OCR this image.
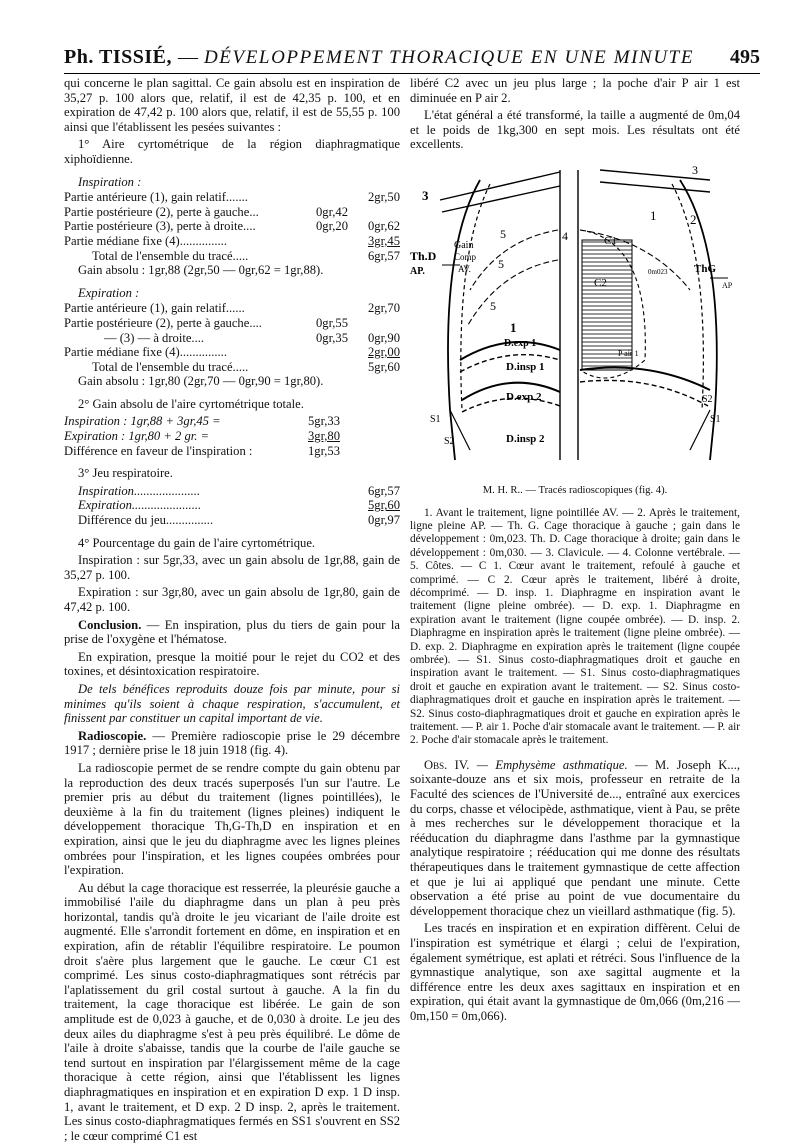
Ph. TISSIÉ, — DÉVELOPPEMENT THORACIQUE EN UNE MINUTE	495

qui concerne le plan sagittal. Ce gain absolu est en inspiration de 35,27 p. 100 alors que, relatif, il est de 42,35 p. 100, et en expiration de 47,42 p. 100 alors que, relatif, il est de 55,55 p. 100 ainsi que l'établissent les pesées suivantes :

1° Aire cyrtométrique de la région diaphragmatique xiphoïdienne.

Inspiration :
Partie antérieure (1), gain relatif.......	2gr,50
Partie postérieure (2), perte à gauche...	0gr,42
Partie postérieure (3), perte à droite....	0gr,20	0gr,62
Partie médiane fixe (4)...............	3gr,45
Total de l'ensemble du tracé.....	6gr,57
Gain absolu : 1gr,88 (2gr,50 — 0gr,62 = 1gr,88).
Expiration :
Partie antérieure (1), gain relatif......	2gr,70
Partie postérieure (2), perte à gauche....	0gr,55
— (3) — à droite....	0gr,35	0gr,90
Partie médiane fixe (4)...............	2gr,00
Total de l'ensemble du tracé.....	5gr,60
Gain absolu : 1gr,80 (2gr,70 — 0gr,90 = 1gr,80).

2° Gain absolu de l'aire cyrtométrique totale.

Inspiration : 1gr,88 + 3gr,45 =	5gr,33
Expiration : 1gr,80 + 2 gr. =	3gr,80
Différence en faveur de l'inspiration :	1gr,53

3° Jeu respiratoire.

Inspiration.....................	6gr,57
Expiration......................	5gr,60
Différence du jeu...............	0gr,97

4° Pourcentage du gain de l'aire cyrtométrique.

Inspiration : sur 5gr,33, avec un gain absolu de 1gr,88, gain de 35,27 p. 100.

Expiration : sur 3gr,80, avec un gain absolu de 1gr,80, gain de 47,42 p. 100.

Conclusion. — En inspiration, plus du tiers de gain pour la prise de l'oxygène et l'hématose.

En expiration, presque la moitié pour le rejet du CO2 et des toxines, et désintoxication respiratoire.

De tels bénéfices reproduits douze fois par minute, pour si minimes qu'ils soient à chaque respiration, s'accumulent, et finissent par constituer un capital important de vie.

Radioscopie. — Première radioscopie prise le 29 décembre 1917 ; dernière prise le 18 juin 1918 (fig. 4).

La radioscopie permet de se rendre compte du gain obtenu par la reproduction des deux tracés superposés l'un sur l'autre. Le premier pris au début du traitement (lignes pointillées), le deuxième à la fin du traitement (lignes pleines) indiquent le développement thoracique Th,G-Th,D en inspiration et en expiration, ainsi que le jeu du diaphragme avec les lignes pleines ombrées pour l'inspiration, et les lignes coupées ombrées pour l'expiration.

Au début la cage thoracique est resserrée, la pleurésie gauche a immobilisé l'aile du diaphragme dans un plan à peu près horizontal, tandis qu'à droite le jeu vicariant de l'aile droite est augmenté. Elle s'arrondit fortement en dôme, en inspiration et en expiration, afin de rétablir l'équilibre respiratoire. Le poumon droit s'aère plus largement que le gauche. Le cœur C1 est comprimé. Les sinus costo-diaphragmatiques sont rétrécis par l'aplatissement du gril costal surtout à gauche. A la fin du traitement, la cage thoracique est libérée. Le gain de son amplitude est de 0,023 à gauche, et de 0,030 à droite. Le jeu des deux ailes du diaphragme s'est à peu près équilibré. Le dôme de l'aile à droite s'abaisse, tandis que la courbe de l'aile gauche se tend surtout en inspiration par l'élargissement même de la cage thoracique à cette région, ainsi que l'établissent les lignes diaphragmatiques en inspiration et en expiration D exp. 1 D insp. 1, avant le traitement, et D exp. 2 D insp. 2, après le traitement. Les sinus costo-diaphragmatiques fermés en SS1 s'ouvrent en SS2 ; le cœur comprimé C1 est

libéré C2 avec un jeu plus large ; la poche d'air P air 1 est diminuée en P air 2.

L'état général a été transformé, la taille a augmenté de 0m,04 et le poids de 1kg,300 en sept mois. Les résultats ont été excellents.

3
4
5
5
5
1
1	2
3
Th.D
AP.
Gain
Comp
AV.
C1
C2
ThG
AP
0m023
P air 1
D.exp 1
D.insp 1
D.exp 2
D.insp 2
S1
S2
S2
S1
M. H. R.. — Tracés radioscopiques (fig. 4).

1. Avant le traitement, ligne pointillée AV. — 2. Après le traitement, ligne pleine AP. — Th. G. Cage thoracique à gauche ; gain dans le développement : 0m,023. Th. D. Cage thoracique à droite; gain dans le développement : 0m,030. — 3. Clavicule. — 4. Colonne vertébrale. — 5. Côtes. — C 1. Cœur avant le traitement, refoulé à gauche et comprimé. — C 2. Cœur après le traitement, libéré à droite, décomprimé. — D. insp. 1. Diaphragme en inspiration avant le traitement (ligne pleine ombrée). — D. exp. 1. Diaphragme en expiration avant le traitement (ligne coupée ombrée). — D. insp. 2. Diaphragme en inspiration après le traitement (ligne pleine ombrée). — D. exp. 2. Diaphragme en expiration après le traitement (ligne coupée ombrée). — S1. Sinus costo-diaphragmatiques droit et gauche en inspiration avant le traitement. — S1. Sinus costo-diaphragmatiques droit et gauche en expiration avant le traitement. — S2. Sinus costo-diaphragmatiques droit et gauche en inspiration après le traitement. — S2. Sinus costo-diaphragmatiques droit et gauche en expiration après le traitement. — P. air 1. Poche d'air stomacale avant le traitement. — P. air 2. Poche d'air stomacale après le traitement.

Obs. IV. — Emphysème asthmatique. — M. Joseph K..., soixante-douze ans et six mois, professeur en retraite de la Faculté des sciences de l'Université de..., entraîné aux exercices du corps, chasse et vélocipède, asthmatique, vient à Pau, se prête à mes recherches sur le développement thoracique et la rééducation du diaphragme dans l'asthme par la gymnastique analytique respiratoire ; rééducation qui me donne des résultats thérapeutiques dans le traitement gymnastique de cette affection et que je lui ai appliqué que pendant une minute. Cette observation a été prise au point de vue documentaire du développement thoracique chez un vieillard asthmatique (fig. 5).

Les tracés en inspiration et en expiration diffèrent. Celui de l'inspiration est symétrique et élargi ; celui de l'expiration, également symétrique, est aplati et rétréci. Sous l'influence de la gymnastique analytique, son axe sagittal augmente et la différence entre les deux axes sagittaux en inspiration et en expiration, qui était avant la gymnastique de 0m,066 (0m,216 — 0m,150 = 0m,066).
